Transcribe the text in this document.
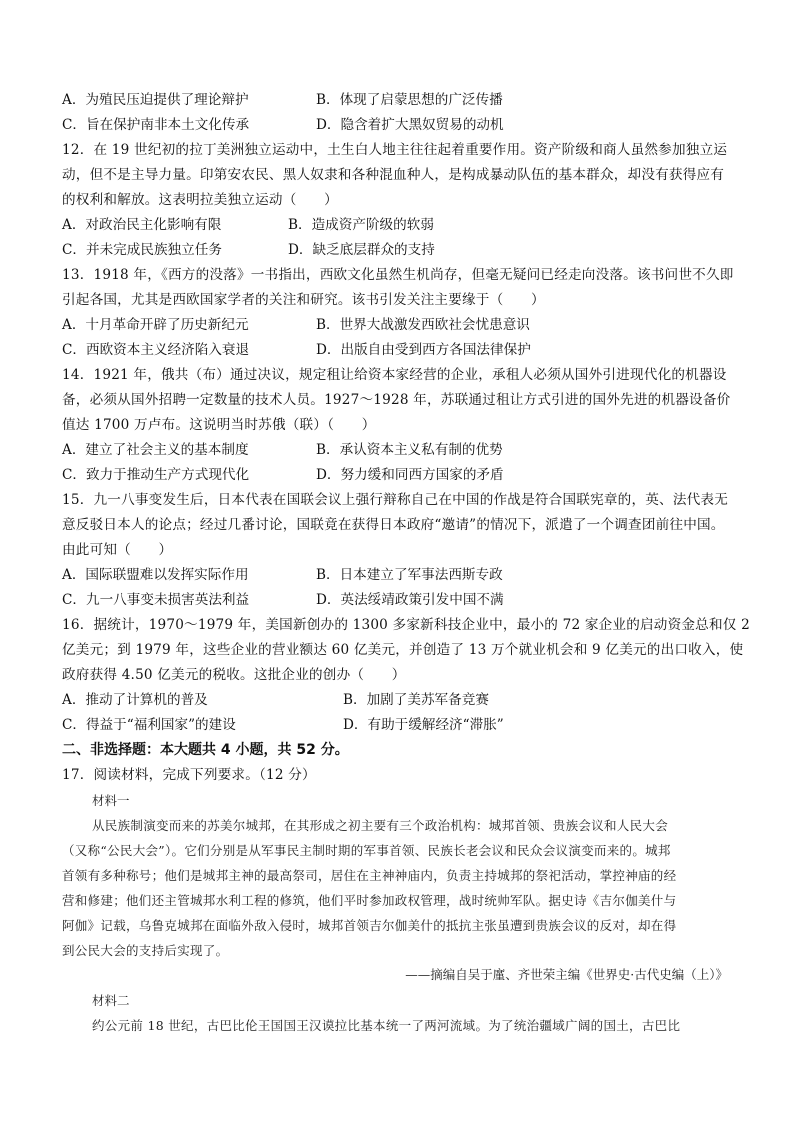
A．为殖民压迫提供了理论辩护	B．体现了启蒙思想的广泛传播
C．旨在保护南非本土文化传承	D．隐含着扩大黑奴贸易的动机
12．在 19 世纪初的拉丁美洲独立运动中，土生白人地主往往起着重要作用。资产阶级和商人虽然参加独立运
动，但不是主导力量。印第安农民、黑人奴隶和各种混血种人，是构成暴动队伍的基本群众，却没有获得应有
的权利和解放。这表明拉美独立运动（　　）
A．对政治民主化影响有限	B．造成资产阶级的软弱
C．并未完成民族独立任务	D．缺乏底层群众的支持
13．1918 年，《西方的没落》一书指出，西欧文化虽然生机尚存，但毫无疑问已经走向没落。该书问世不久即
引起各国，尤其是西欧国家学者的关注和研究。该书引发关注主要缘于（　　）
A．十月革命开辟了历史新纪元	B．世界大战激发西欧社会忧患意识
C．西欧资本主义经济陷入衰退	D．出版自由受到西方各国法律保护
14．1921 年，俄共（布）通过决议，规定租让给资本家经营的企业，承租人必须从国外引进现代化的机器设
备，必须从国外招聘一定数量的技术人员。1927～1928 年，苏联通过租让方式引进的国外先进的机器设备价
值达 1700 万卢布。这说明当时苏俄（联）（　　）
A．建立了社会主义的基本制度	B．承认资本主义私有制的优势
C．致力于推动生产方式现代化	D．努力缓和同西方国家的矛盾
15．九一八事变发生后，日本代表在国联会议上强行辩称自己在中国的作战是符合国联宪章的，英、法代表无
意反驳日本人的论点；经过几番讨论，国联竟在获得日本政府“邀请”的情况下，派遣了一个调查团前往中国。
由此可知（　　）
A．国际联盟难以发挥实际作用	B．日本建立了军事法西斯专政
C．九一八事变未损害英法利益	D．英法绥靖政策引发中国不满
16．据统计，1970～1979 年，美国新创办的 1300 多家新科技企业中，最小的 72 家企业的启动资金总和仅 2
亿美元；到 1979 年，这些企业的营业额达 60 亿美元，并创造了 13 万个就业机会和 9 亿美元的出口收入，使
政府获得 4.50 亿美元的税收。这批企业的创办（　　）
A．推动了计算机的普及	B．加剧了美苏军备竞赛
C．得益于“福利国家”的建设	D．有助于缓解经济“滞胀”
二、非选择题：本大题共 4 小题，共 52 分。
17．阅读材料，完成下列要求。（12 分）
材料一
从民族制演变而来的苏美尔城邦，在其形成之初主要有三个政治机构：城邦首领、贵族会议和人民大会
（又称“公民大会”）。它们分别是从军事民主制时期的军事首领、民族长老会议和民众会议演变而来的。城邦
首领有多种称号；他们是城邦主神的最高祭司，居住在主神神庙内，负责主持城邦的祭祀活动，掌控神庙的经
营和修建；他们还主管城邦水利工程的修筑，他们平时参加政权管理，战时统帅军队。据史诗《吉尔伽美什与
阿伽》记载，乌鲁克城邦在面临外敌入侵时，城邦首领吉尔伽美什的抵抗主张虽遭到贵族会议的反对，却在得
到公民大会的支持后实现了。
——摘编自吴于廑、齐世荣主编《世界史·古代史编（上）》
材料二
约公元前 18 世纪，古巴比伦王国国王汉谟拉比基本统一了两河流域。为了统治疆域广阔的国土，古巴比
